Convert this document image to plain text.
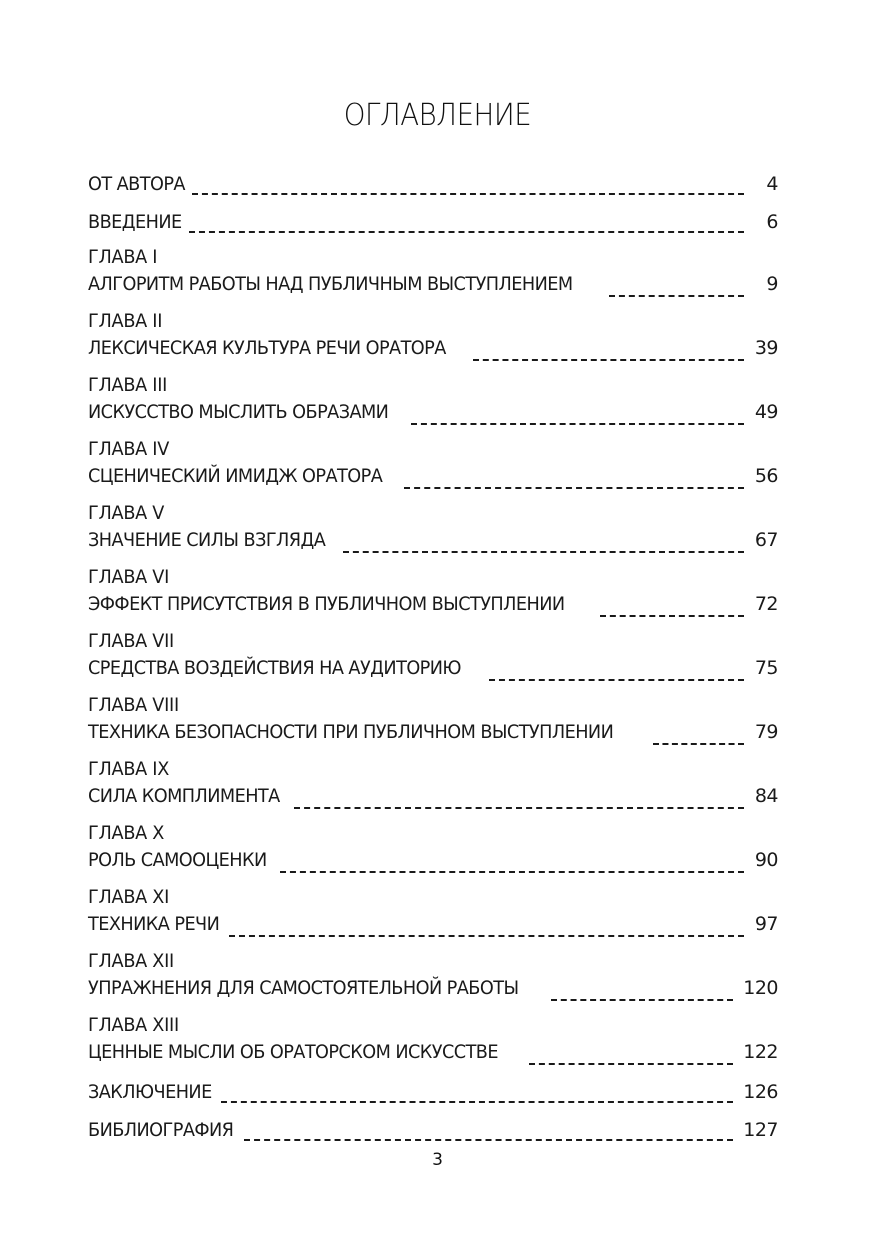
ОГЛАВЛЕНИЕ
ОТ АВТОРА	4
ВВЕДЕНИЕ	6
ГЛАВА I
АЛГОРИТМ РАБОТЫ НАД ПУБЛИЧНЫМ ВЫСТУПЛЕНИЕМ	9
ГЛАВА II
ЛЕКСИЧЕСКАЯ КУЛЬТУРА РЕЧИ ОРАТОРА	39
ГЛАВА III
ИСКУССТВО МЫСЛИТЬ ОБРАЗАМИ	49
ГЛАВА IV
СЦЕНИЧЕСКИЙ ИМИДЖ ОРАТОРА	56
ГЛАВА V
ЗНАЧЕНИЕ СИЛЫ ВЗГЛЯДА	67
ГЛАВА VI
ЭФФЕКТ ПРИСУТСТВИЯ В ПУБЛИЧНОМ ВЫСТУПЛЕНИИ	72
ГЛАВА VII
СРЕДСТВА ВОЗДЕЙСТВИЯ НА АУДИТОРИЮ	75
ГЛАВА VIII
ТЕХНИКА БЕЗОПАСНОСТИ ПРИ ПУБЛИЧНОМ ВЫСТУПЛЕНИИ	79
ГЛАВА IX
СИЛА КОМПЛИМЕНТА	84
ГЛАВА X
РОЛЬ САМООЦЕНКИ	90
ГЛАВА XI
ТЕХНИКА РЕЧИ	97
ГЛАВА XII
УПРАЖНЕНИЯ ДЛЯ САМОСТОЯТЕЛЬНОЙ РАБОТЫ	120
ГЛАВА XIII
ЦЕННЫЕ МЫСЛИ ОБ ОРАТОРСКОМ ИСКУССТВЕ	122
ЗАКЛЮЧЕНИЕ	126
БИБЛИОГРАФИЯ	127
3
